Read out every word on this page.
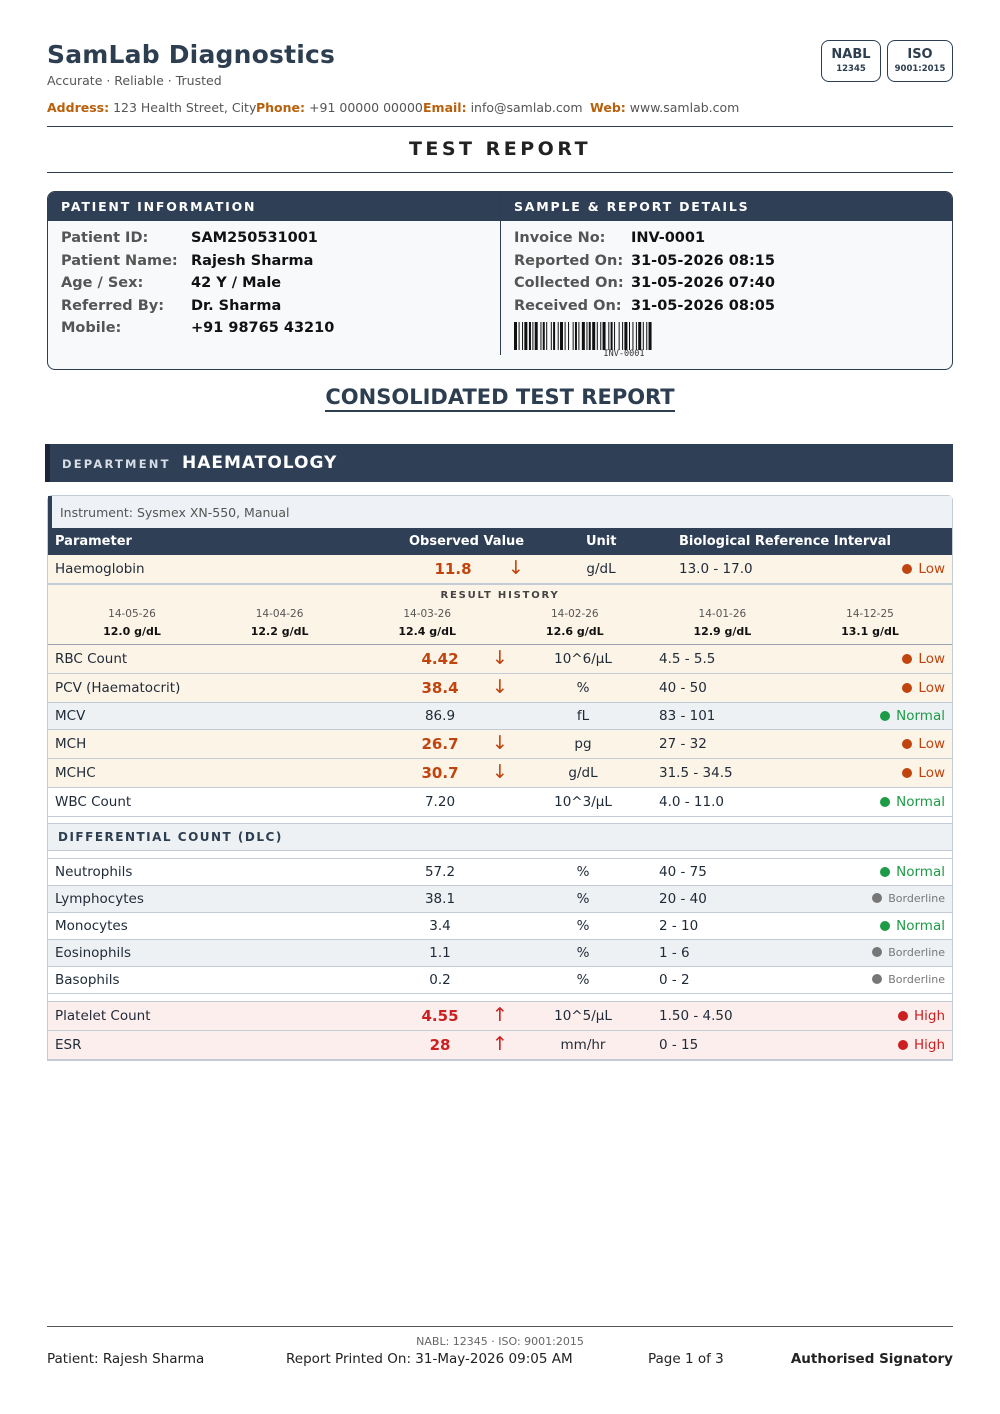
SamLab Diagnostics
Accurate · Reliable · Trusted
Address: 123 Health Street, City Phone: +91 00000 00000 Email: info@samlab.com Web: www.samlab.com
NABL
12345
ISO
9001:2015
TEST REPORT
PATIENT INFORMATION	SAMPLE & REPORT DETAILS
Patient ID:	SAM250531001
Patient Name: Rajesh Sharma
Age / Sex:	42 Y / Male
Referred By: Dr. Sharma
Mobile:	+91 98765 43210
Invoice No: INV-0001
Reported On: 31-05-2026 08:15
Collected On: 31-05-2026 07:40
Received On: 31-05-2026 08:05
INV-0001
CONSOLIDATED TEST REPORT
DEPARTMENT HAEMATOLOGY
Instrument: Sysmex XN-550, Manual
Parameter	Observed Value	Unit	Biological Reference Interval
Haemoglobin	11.8 ↓	g/dL	13.0 - 17.0	Low
RESULT HISTORY
14-05-26
12.0 g/dL
14-04-26
12.2 g/dL
14-03-26
12.4 g/dL
14-02-26
12.6 g/dL
14-01-26
12.9 g/dL
14-12-25
13.1 g/dL
RBC Count	4.42 ↓	10^6/µL	4.5 - 5.5	Low
PCV (Haematocrit)	38.4 ↓	%	40 - 50	Low
MCV	86.9	fL	83 - 101	Normal
MCH	26.7 ↓	pg	27 - 32	Low
MCHC	30.7 ↓	g/dL	31.5 - 34.5	Low
WBC Count	7.20	10^3/µL	4.0 - 11.0	Normal
DIFFERENTIAL COUNT (DLC)
Neutrophils	57.2	%	40 - 75	Normal
Lymphocytes	38.1	%	20 - 40	Borderline
Monocytes	3.4	%	2 - 10	Normal
Eosinophils	1.1	%	1 - 6	Borderline
Basophils	0.2	%	0 - 2	Borderline
Platelet Count	4.55 ↑	10^5/µL	1.50 - 4.50	High
ESR	28 ↑	mm/hr	0 - 15	High
NABL: 12345 · ISO: 9001:2015
Patient: Rajesh Sharma	Report Printed On: 31-May-2026 09:05 AM	Page 1 of 3	Authorised Signatory
